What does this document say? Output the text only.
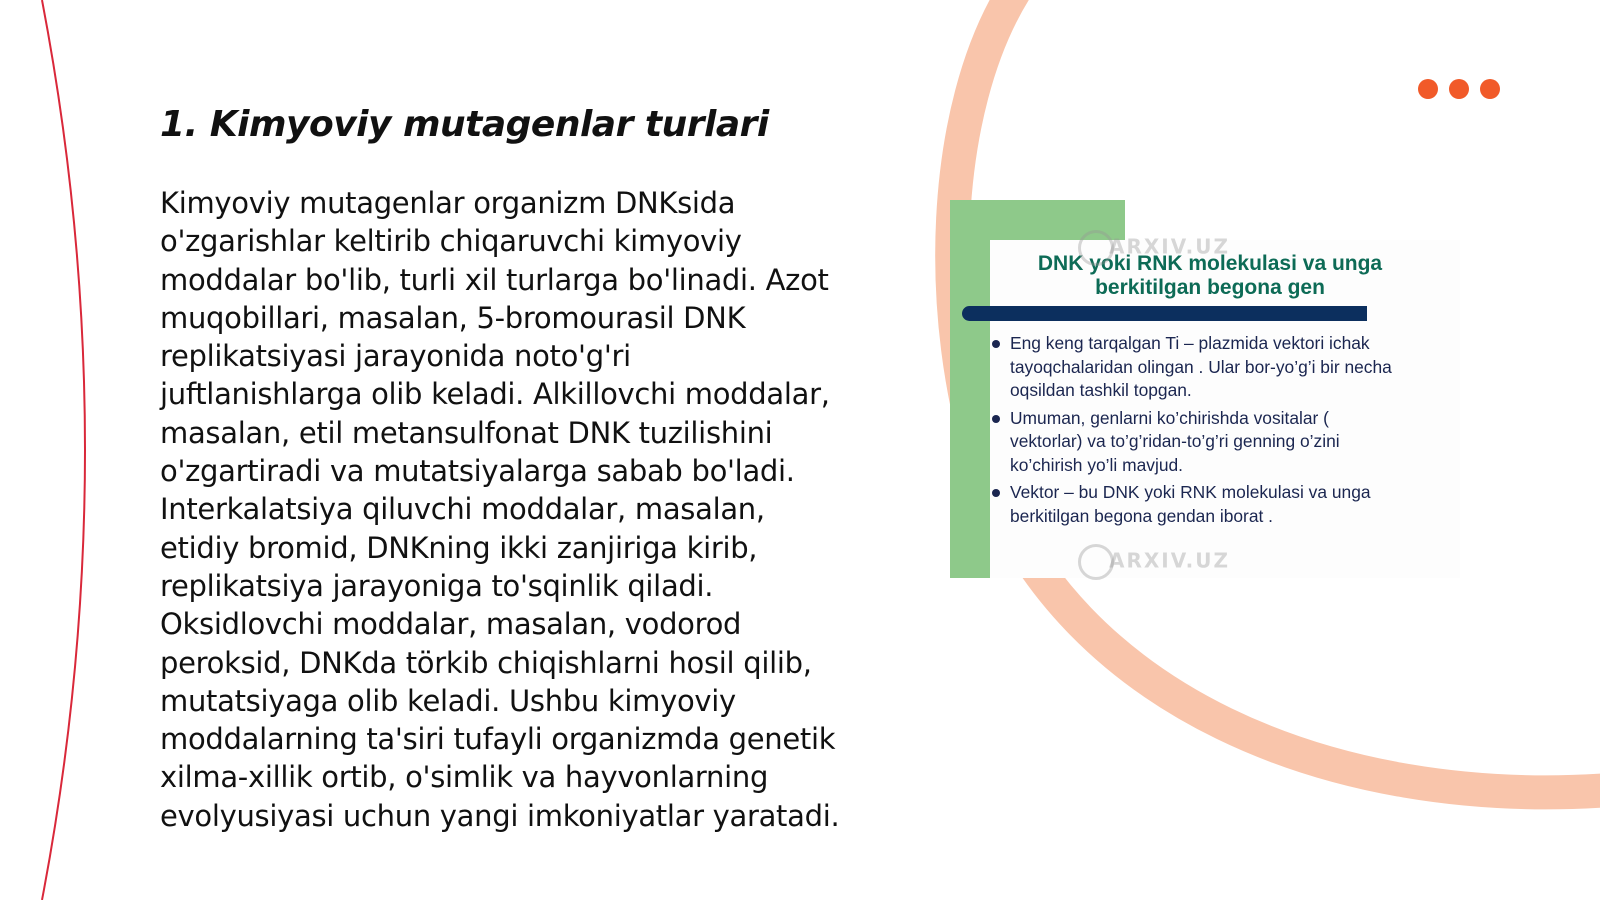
1. Kimyoviy mutagenlar turlari

Kimyoviy mutagenlar organizm DNKsida o'zgarishlar keltirib chiqaruvchi kimyoviy moddalar bo'lib, turli xil turlarga bo'linadi. Azot muqobillari, masalan, 5-bromourasil DNK replikatsiyasi jarayonida noto'g'ri juftlanishlarga olib keladi. Alkillovchi moddalar, masalan, etil metansulfonat DNK tuzilishini o'zgartiradi va mutatsiyalarga sabab bo'ladi. Interkalatsiya qiluvchi moddalar, masalan, etidiy bromid, DNKning ikki zanjiriga kirib, replikatsiya jarayoniga to'sqinlik qiladi. Oksidlovchi moddalar, masalan, vodorod peroksid, DNKda törkib chiqishlarni hosil qilib, mutatsiyaga olib keladi. Ushbu kimyoviy moddalarning ta'siri tufayli organizmda genetik xilma-xillik ortib, o'simlik va hayvonlarning evolyusiyasi uchun yangi imkoniyatlar yaratadi.

DNK yoki RNK molekulasi va unga berkitilgan begona gen
Eng keng tarqalgan Ti – plazmida vektori ichak tayoqchalaridan olingan . Ular bor-yo’g’i bir necha oqsildan tashkil topgan.
Umuman, genlarni ko’chirishda vositalar ( vektorlar) va to’g’ridan-to’g’ri genning o’zini ko’chirish yo’li mavjud.
Vektor – bu DNK yoki RNK molekulasi va unga berkitilgan begona gendan iborat .
ARXIV.UZ
ARXIV.UZ
